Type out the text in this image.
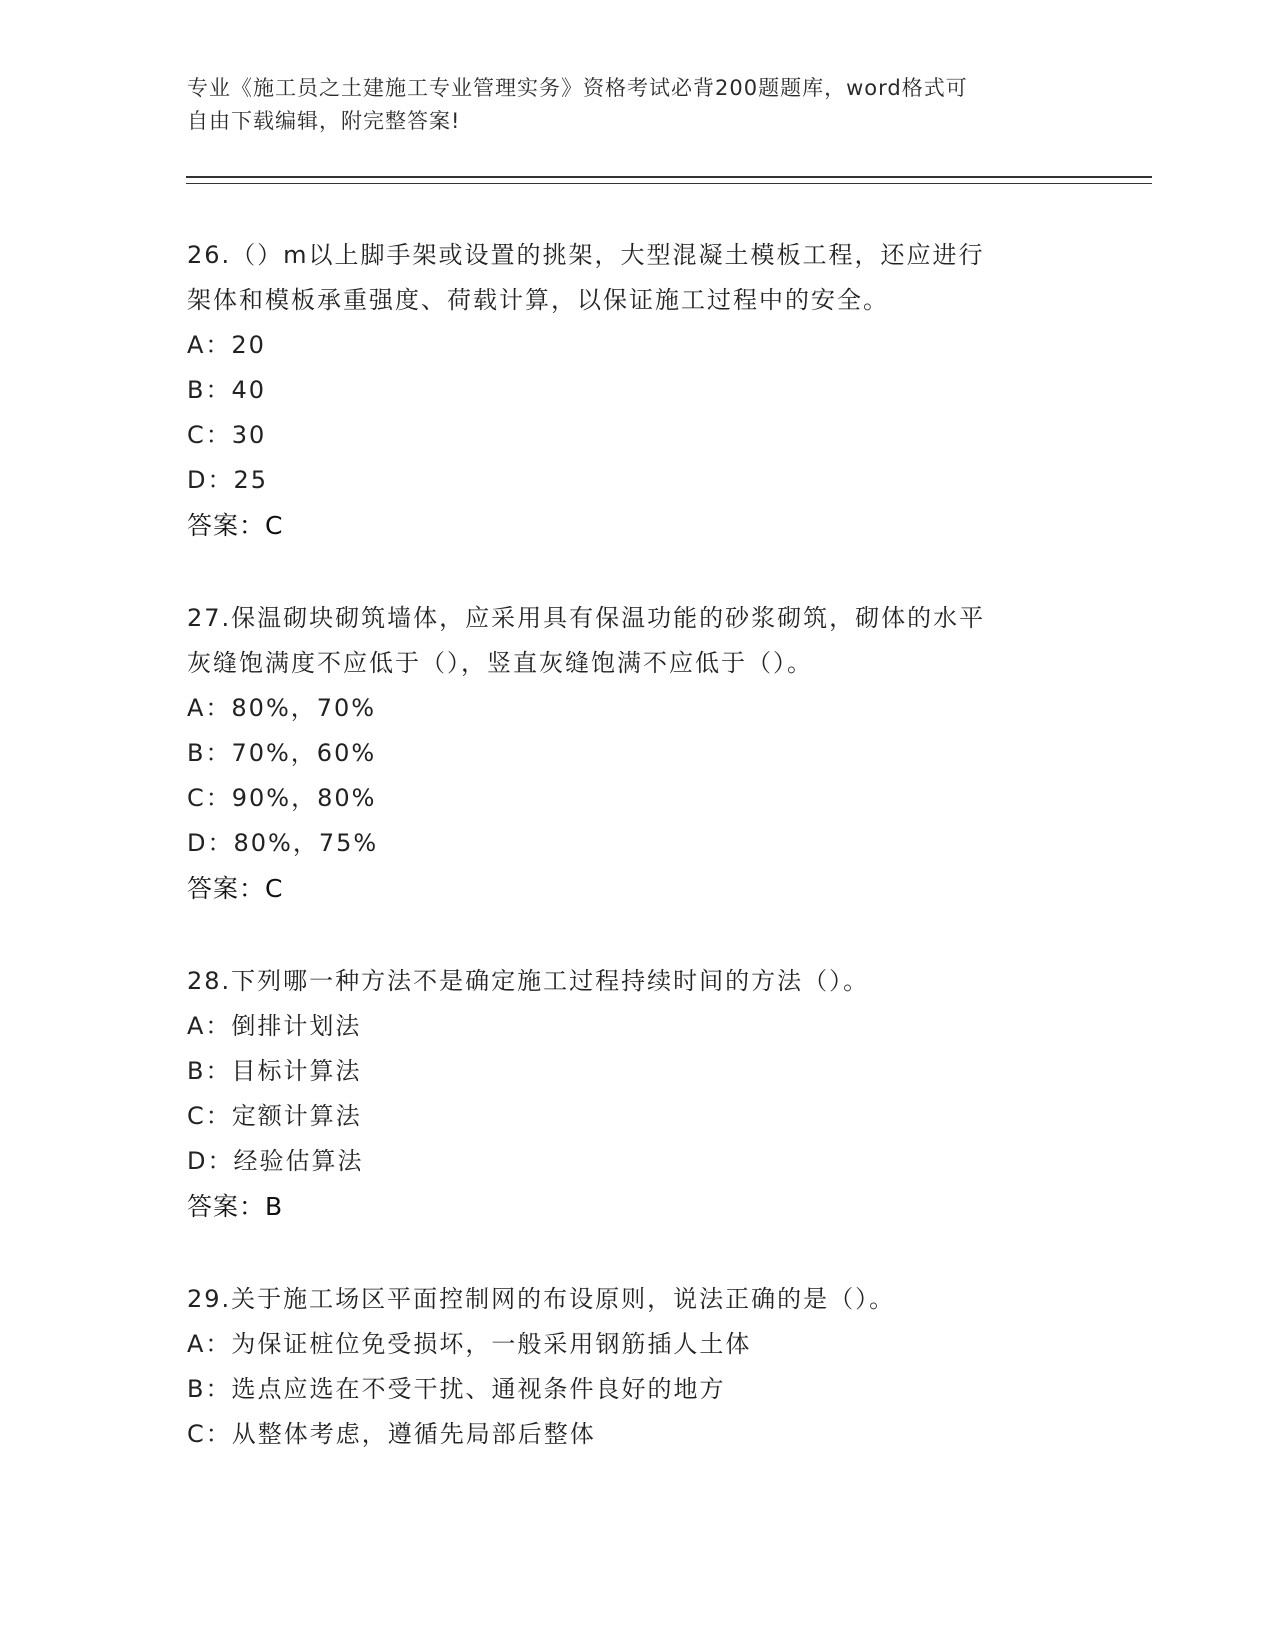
专业《施工员之土建施工专业管理实务》资格考试必背200题题库，word格式可
自由下载编辑，附完整答案!
26.（）m以上脚手架或设置的挑架，大型混凝土模板工程，还应进行
架体和模板承重强度、荷载计算，以保证施工过程中的安全。
A：20
B：40
C：30
D：25
答案：C
27.保温砌块砌筑墙体，应采用具有保温功能的砂浆砌筑，砌体的水平
灰缝饱满度不应低于（），竖直灰缝饱满不应低于（）。
A：80%，70%
B：70%，60%
C：90%，80%
D：80%，75%
答案：C
28.下列哪一种方法不是确定施工过程持续时间的方法（）。
A：倒排计划法
B：目标计算法
C：定额计算法
D：经验估算法
答案：B
29.关于施工场区平面控制网的布设原则，说法正确的是（）。
A：为保证桩位免受损坏，一般采用钢筋插人土体
B：选点应选在不受干扰、通视条件良好的地方
C：从整体考虑，遵循先局部后整体
